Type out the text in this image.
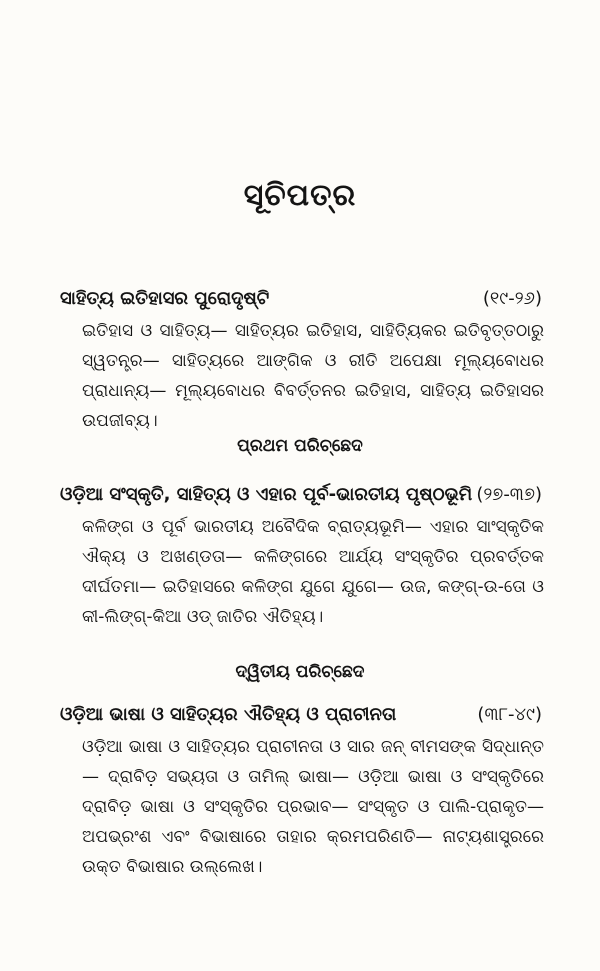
ସୂଚିପତ୍ର
ସାହିତ୍ୟ ଇତିହାସର ପୁରୋଦୃଷ୍ଟି	(୧୯-୨୬)
ଇତିହାସ ଓ ସାହିତ୍ୟ— ସାହିତ୍ୟର ଇତିହାସ, ସାହିତ୍ୟିକର ଇତିବୃତ୍ତଠାରୁ ସ୍ୱତନ୍ତ୍ର— ସାହିତ୍ୟରେ ଆଙ୍ଗିକ ଓ ରୀତି ଅପେକ୍ଷା ମୂଲ୍ୟବୋଧର ପ୍ରାଧାନ୍ୟ— ମୂଲ୍ୟବୋଧର ବିବର୍ତ୍ତନର ଇତିହାସ, ସାହିତ୍ୟ ଇତିହାସର ଉପଜୀବ୍ୟ।
ପ୍ରଥମ ପରିଚ୍ଛେଦ
ଓଡ଼ିଆ ସଂସ୍କୃତି, ସାହିତ୍ୟ ଓ ଏହାର ପୂର୍ବ-ଭାରତୀୟ ପୃଷ୍ଠଭୂମି (୨୭-୩୭)
କଳିଙ୍ଗ ଓ ପୂର୍ବ ଭାରତୀୟ ଅବୈଦିକ ବ୍ରାତ୍ୟଭୂମି— ଏହାର ସାଂସ୍କୃତିକ ଐକ୍ୟ ଓ ଅଖଣ୍ଡତା— କଳିଙ୍ଗରେ ଆର୍ଯ୍ୟ ସଂସ୍କୃତିର ପ୍ରବର୍ତ୍ତକ ଦୀର୍ଘତମା— ଇତିହାସରେ କଳିଙ୍ଗ ଯୁଗେ ଯୁଗେ— ଉଜ, କଙ୍ଗ୍-ଉ-ତୋ ଓ କୀ-ଲିଙ୍ଗ୍-କିଆ ଓଡ୍ ଜାତିର ଐତିହ୍ୟ।
ଦ୍ୱିତୀୟ ପରିଚ୍ଛେଦ
ଓଡ଼ିଆ ଭାଷା ଓ ସାହିତ୍ୟର ଐତିହ୍ୟ ଓ ପ୍ରାଚୀନତା	(୩୮-୪୯)
ଓଡ଼ିଆ ଭାଷା ଓ ସାହିତ୍ୟର ପ୍ରାଚୀନତା ଓ ସାର ଜନ୍ ବୀମସଙ୍କ ସିଦ୍ଧାନ୍ତ— ଦ୍ରାବିଡ଼ ସଭ୍ୟତା ଓ ତାମିଲ୍ ଭାଷା— ଓଡ଼ିଆ ଭାଷା ଓ ସଂସ୍କୃତିରେ ଦ୍ରାବିଡ଼ ଭାଷା ଓ ସଂସ୍କୃତିର ପ୍ରଭାବ— ସଂସ୍କୃତ ଓ ପାଲି-ପ୍ରାକୃତ— ଅପଭ୍ରଂଶ ଏବଂ ବିଭାଷାରେ ତାହାର କ୍ରମପରିଣତି— ନାଟ୍ୟଶାସ୍ତ୍ରରେ ଉକ୍ତ ବିଭାଷାର ଉଲ୍ଲେଖ।
